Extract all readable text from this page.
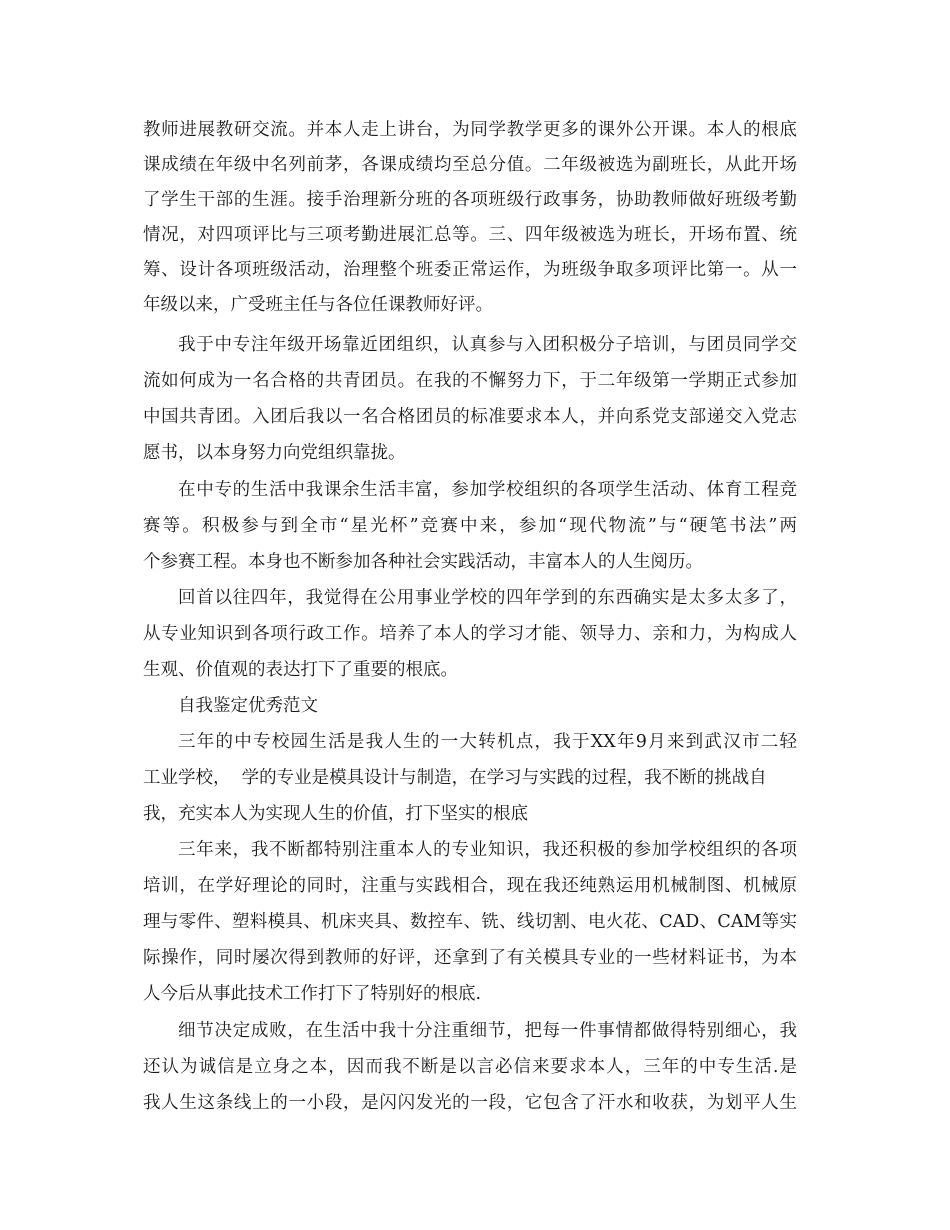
教师进展教研交流。并本人走上讲台，为同学教学更多的课外公开课。本人的根底
课成绩在年级中名列前茅，各课成绩均至总分值。二年级被选为副班长，从此开场
了学生干部的生涯。接手治理新分班的各项班级行政事务，协助教师做好班级考勤
情况，对四项评比与三项考勤进展汇总等。三、四年级被选为班长，开场布置、统
筹、设计各项班级活动，治理整个班委正常运作，为班级争取多项评比第一。从一
年级以来，广受班主任与各位任课教师好评。
我于中专注年级开场靠近团组织，认真参与入团积极分子培训，与团员同学交
流如何成为一名合格的共青团员。在我的不懈努力下，于二年级第一学期正式参加
中国共青团。入团后我以一名合格团员的标准要求本人，并向系党支部递交入党志
愿书，以本身努力向党组织靠拢。
在中专的生活中我课余生活丰富，参加学校组织的各项学生活动、体育工程竞
赛等。积极参与到全市“星光杯”竞赛中来，参加“现代物流”与“硬笔书法”两
个参赛工程。本身也不断参加各种社会实践活动，丰富本人的人生阅历。
回首以往四年，我觉得在公用事业学校的四年学到的东西确实是太多太多了，
从专业知识到各项行政工作。培养了本人的学习才能、领导力、亲和力，为构成人
生观、价值观的表达打下了重要的根底。
自我鉴定优秀范文
三年的中专校园生活是我人生的一大转机点，我于XX年9月来到武汉市二轻
工业学校，  学的专业是模具设计与制造，在学习与实践的过程，我不断的挑战自
我，充实本人为实现人生的价值，打下坚实的根底
三年来，我不断都特别注重本人的专业知识，我还积极的参加学校组织的各项
培训，在学好理论的同时，注重与实践相合，现在我还纯熟运用机械制图、机械原
理与零件、塑料模具、机床夹具、数控车、铣、线切割、电火花、CAD、CAM等实
际操作，同时屡次得到教师的好评，还拿到了有关模具专业的一些材料证书，为本
人今后从事此技术工作打下了特别好的根底.
细节决定成败，在生活中我十分注重细节，把每一件事情都做得特别细心，我
还认为诚信是立身之本，因而我不断是以言必信来要求本人，三年的中专生活.是
我人生这条线上的一小段，是闪闪发光的一段，它包含了汗水和收获，为划平人生
